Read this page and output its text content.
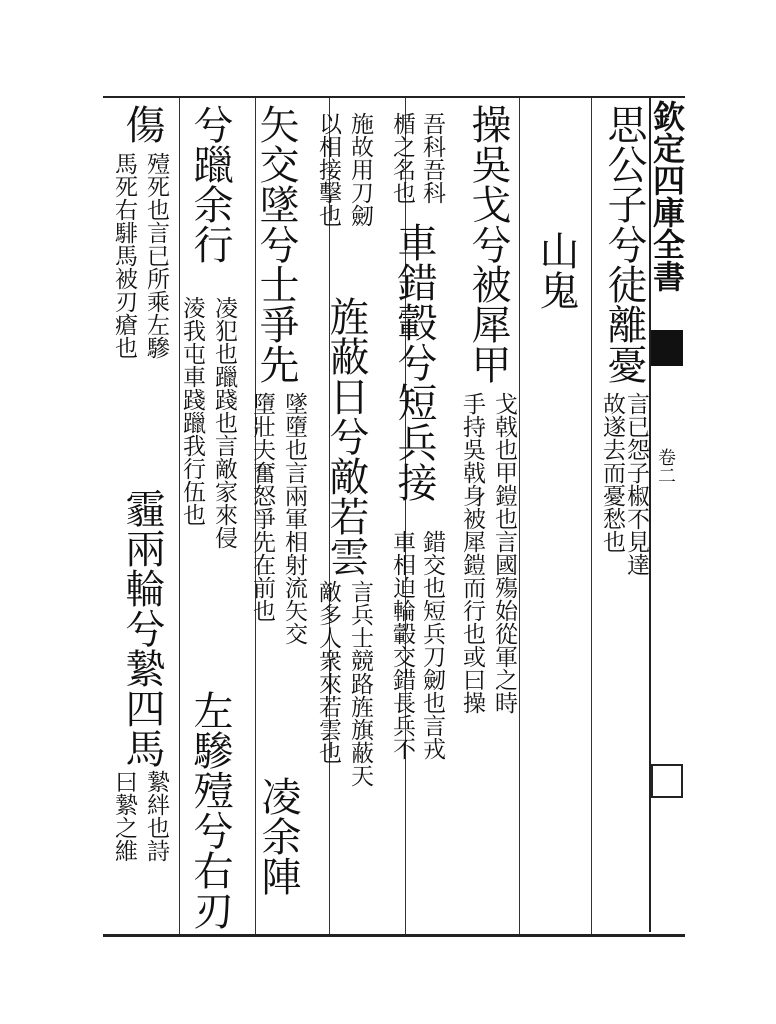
欽定四庫全書
卷二
思公子兮徒離憂
言已怨子椒不見達
故遂去而憂愁也
山鬼
操吳戈兮被犀甲
戈戟也甲鎧也言國殤始從軍之時
手持吳戟身被犀鎧而行也或曰操
吾科吾科
楯之名也
車錯轂兮短兵接
錯交也短兵刀劒也言戎
車相迫輪轂交錯長兵不
施故用刀劒
以相接擊也
旌蔽日兮敵若雲
言兵士競路旌旗蔽天
敵多人衆來若雲也
矢交墜兮士爭先
墜墮也言兩軍相射流矢交
墮壯夫奮怒爭先在前也
凌余陣
兮躐余行
凌犯也躐踐也言敵家來侵
淩我屯車踐躐我行伍也
左驂殪兮右刃
傷
殪死也言已所乘左驂
馬死右騑馬被刃瘡也
霾兩輪兮縶四馬
縶絆也詩
曰縶之維
